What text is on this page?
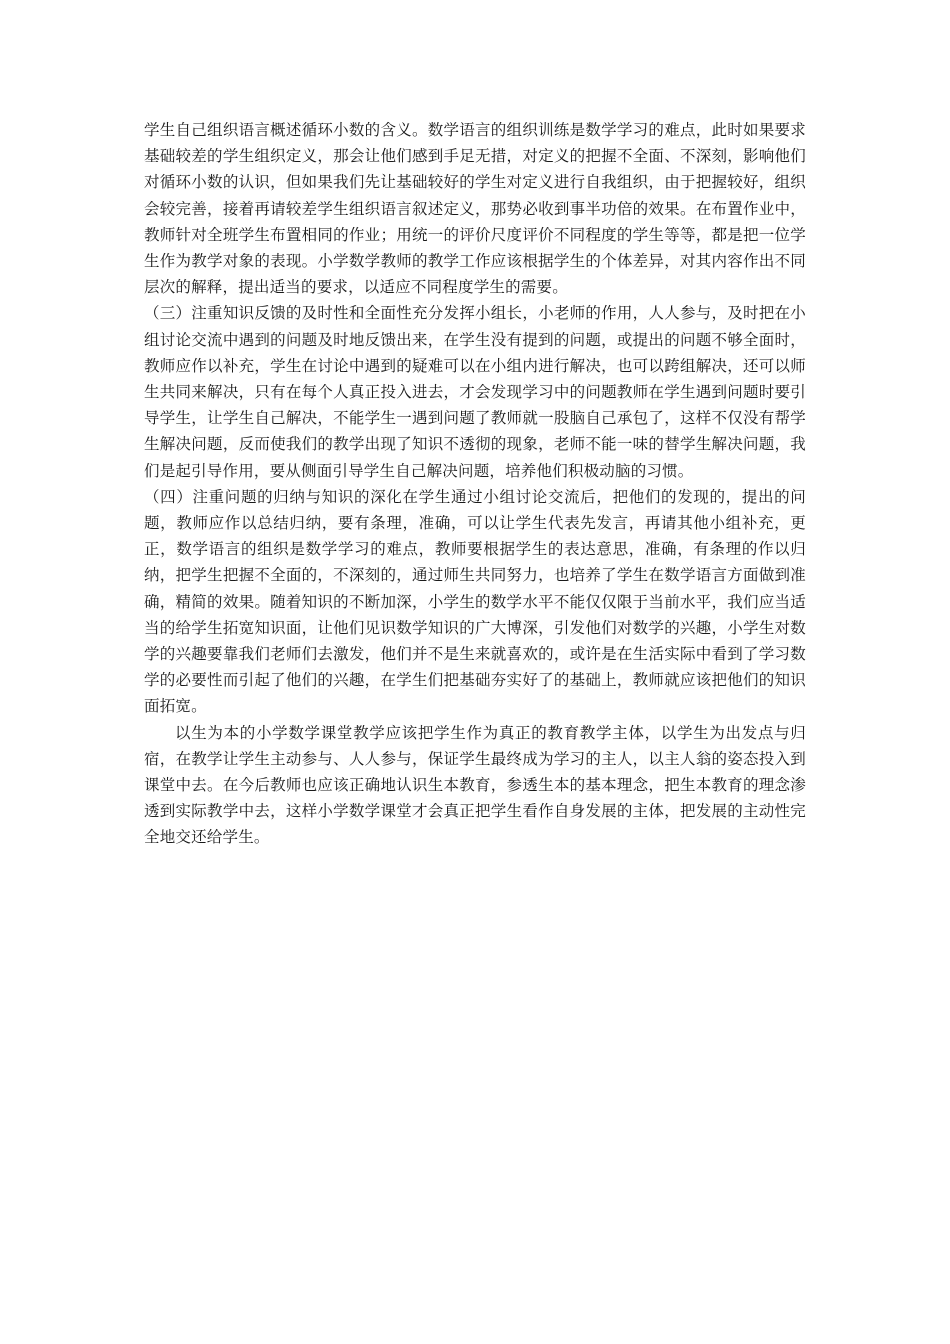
学生自己组织语言概述循环小数的含义。数学语言的组织训练是数学学习的难点，此时如果要求基础较差的学生组织定义，那会让他们感到手足无措，对定义的把握不全面、不深刻，影响他们对循环小数的认识，但如果我们先让基础较好的学生对定义进行自我组织，由于把握较好，组织会较完善，接着再请较差学生组织语言叙述定义，那势必收到事半功倍的效果。在布置作业中，教师针对全班学生布置相同的作业；用统一的评价尺度评价不同程度的学生等等，都是把一位学生作为教学对象的表现。小学数学教师的教学工作应该根据学生的个体差异，对其内容作出不同层次的解释，提出适当的要求，以适应不同程度学生的需要。

（三）注重知识反馈的及时性和全面性充分发挥小组长，小老师的作用，人人参与，及时把在小组讨论交流中遇到的问题及时地反馈出来，在学生没有提到的问题，或提出的问题不够全面时，教师应作以补充，学生在讨论中遇到的疑难可以在小组内进行解决，也可以跨组解决，还可以师生共同来解决，只有在每个人真正投入进去，才会发现学习中的问题教师在学生遇到问题时要引导学生，让学生自己解决，不能学生一遇到问题了教师就一股脑自己承包了，这样不仅没有帮学生解决问题，反而使我们的教学出现了知识不透彻的现象，老师不能一味的替学生解决问题，我们是起引导作用，要从侧面引导学生自己解决问题，培养他们积极动脑的习惯。

（四）注重问题的归纳与知识的深化在学生通过小组讨论交流后，把他们的发现的，提出的问题，教师应作以总结归纳，要有条理，准确，可以让学生代表先发言，再请其他小组补充，更正，数学语言的组织是数学学习的难点，教师要根据学生的表达意思，准确，有条理的作以归纳，把学生把握不全面的，不深刻的，通过师生共同努力，也培养了学生在数学语言方面做到准确，精简的效果。随着知识的不断加深，小学生的数学水平不能仅仅限于当前水平，我们应当适当的给学生拓宽知识面，让他们见识数学知识的广大博深，引发他们对数学的兴趣，小学生对数学的兴趣要靠我们老师们去激发，他们并不是生来就喜欢的，或许是在生活实际中看到了学习数学的必要性而引起了他们的兴趣，在学生们把基础夯实好了的基础上，教师就应该把他们的知识面拓宽。

以生为本的小学数学课堂教学应该把学生作为真正的教育教学主体，以学生为出发点与归宿，在教学让学生主动参与、人人参与，保证学生最终成为学习的主人，以主人翁的姿态投入到课堂中去。在今后教师也应该正确地认识生本教育，参透生本的基本理念，把生本教育的理念渗透到实际教学中去，这样小学数学课堂才会真正把学生看作自身发展的主体，把发展的主动性完全地交还给学生。
